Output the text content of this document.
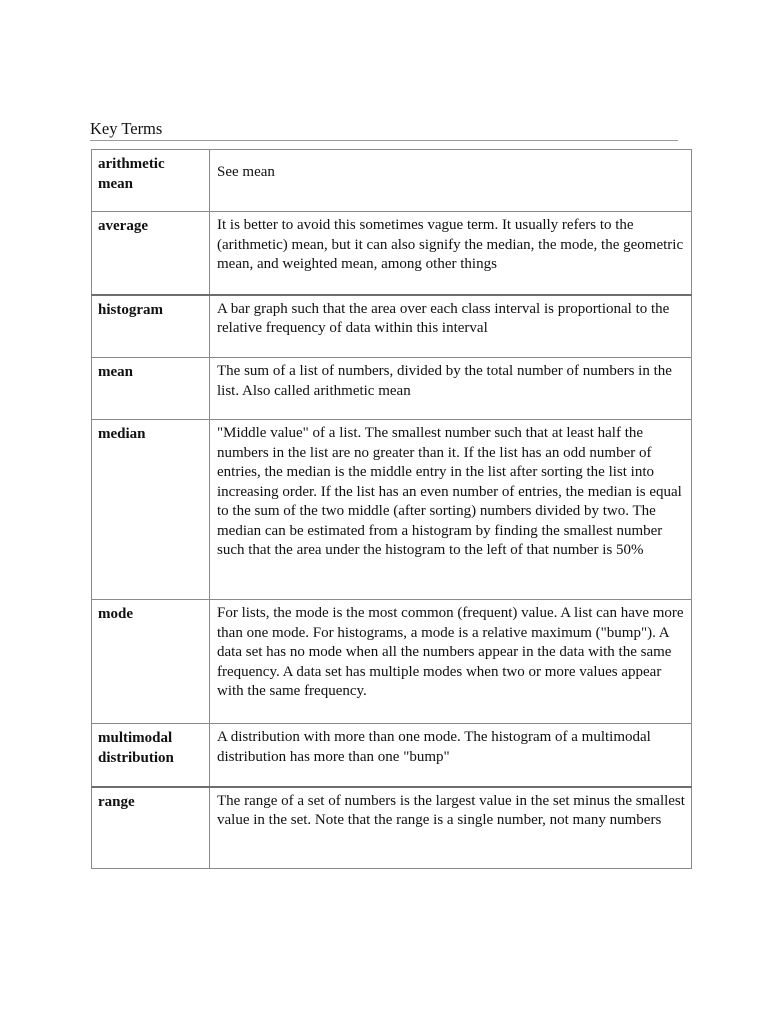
Key Terms
arithmetic mean	See mean
average	It is better to avoid this sometimes vague term. It usually refers to the (arithmetic) mean, but it can also signify the median, the mode, the geometric mean, and weighted mean, among other things
histogram	A bar graph such that the area over each class interval is proportional to the relative frequency of data within this interval
mean	The sum of a list of numbers, divided by the total number of numbers in the list. Also called arithmetic mean
median	"Middle value" of a list. The smallest number such that at least half the numbers in the list are no greater than it. If the list has an odd number of entries, the median is the middle entry in the list after sorting the list into increasing order. If the list has an even number of entries, the median is equal to the sum of the two middle (after sorting) numbers divided by two. The median can be estimated from a histogram by finding the smallest number such that the area under the histogram to the left of that number is 50%
mode	For lists, the mode is the most common (frequent) value. A list can have more than one mode. For histograms, a mode is a relative maximum ("bump"). A data set has no mode when all the numbers appear in the data with the same frequency. A data set has multiple modes when two or more values appear with the same frequency.
multimodal distribution	A distribution with more than one mode. The histogram of a multimodal distribution has more than one "bump"
range	The range of a set of numbers is the largest value in the set minus the smallest value in the set. Note that the range is a single number, not many numbers
